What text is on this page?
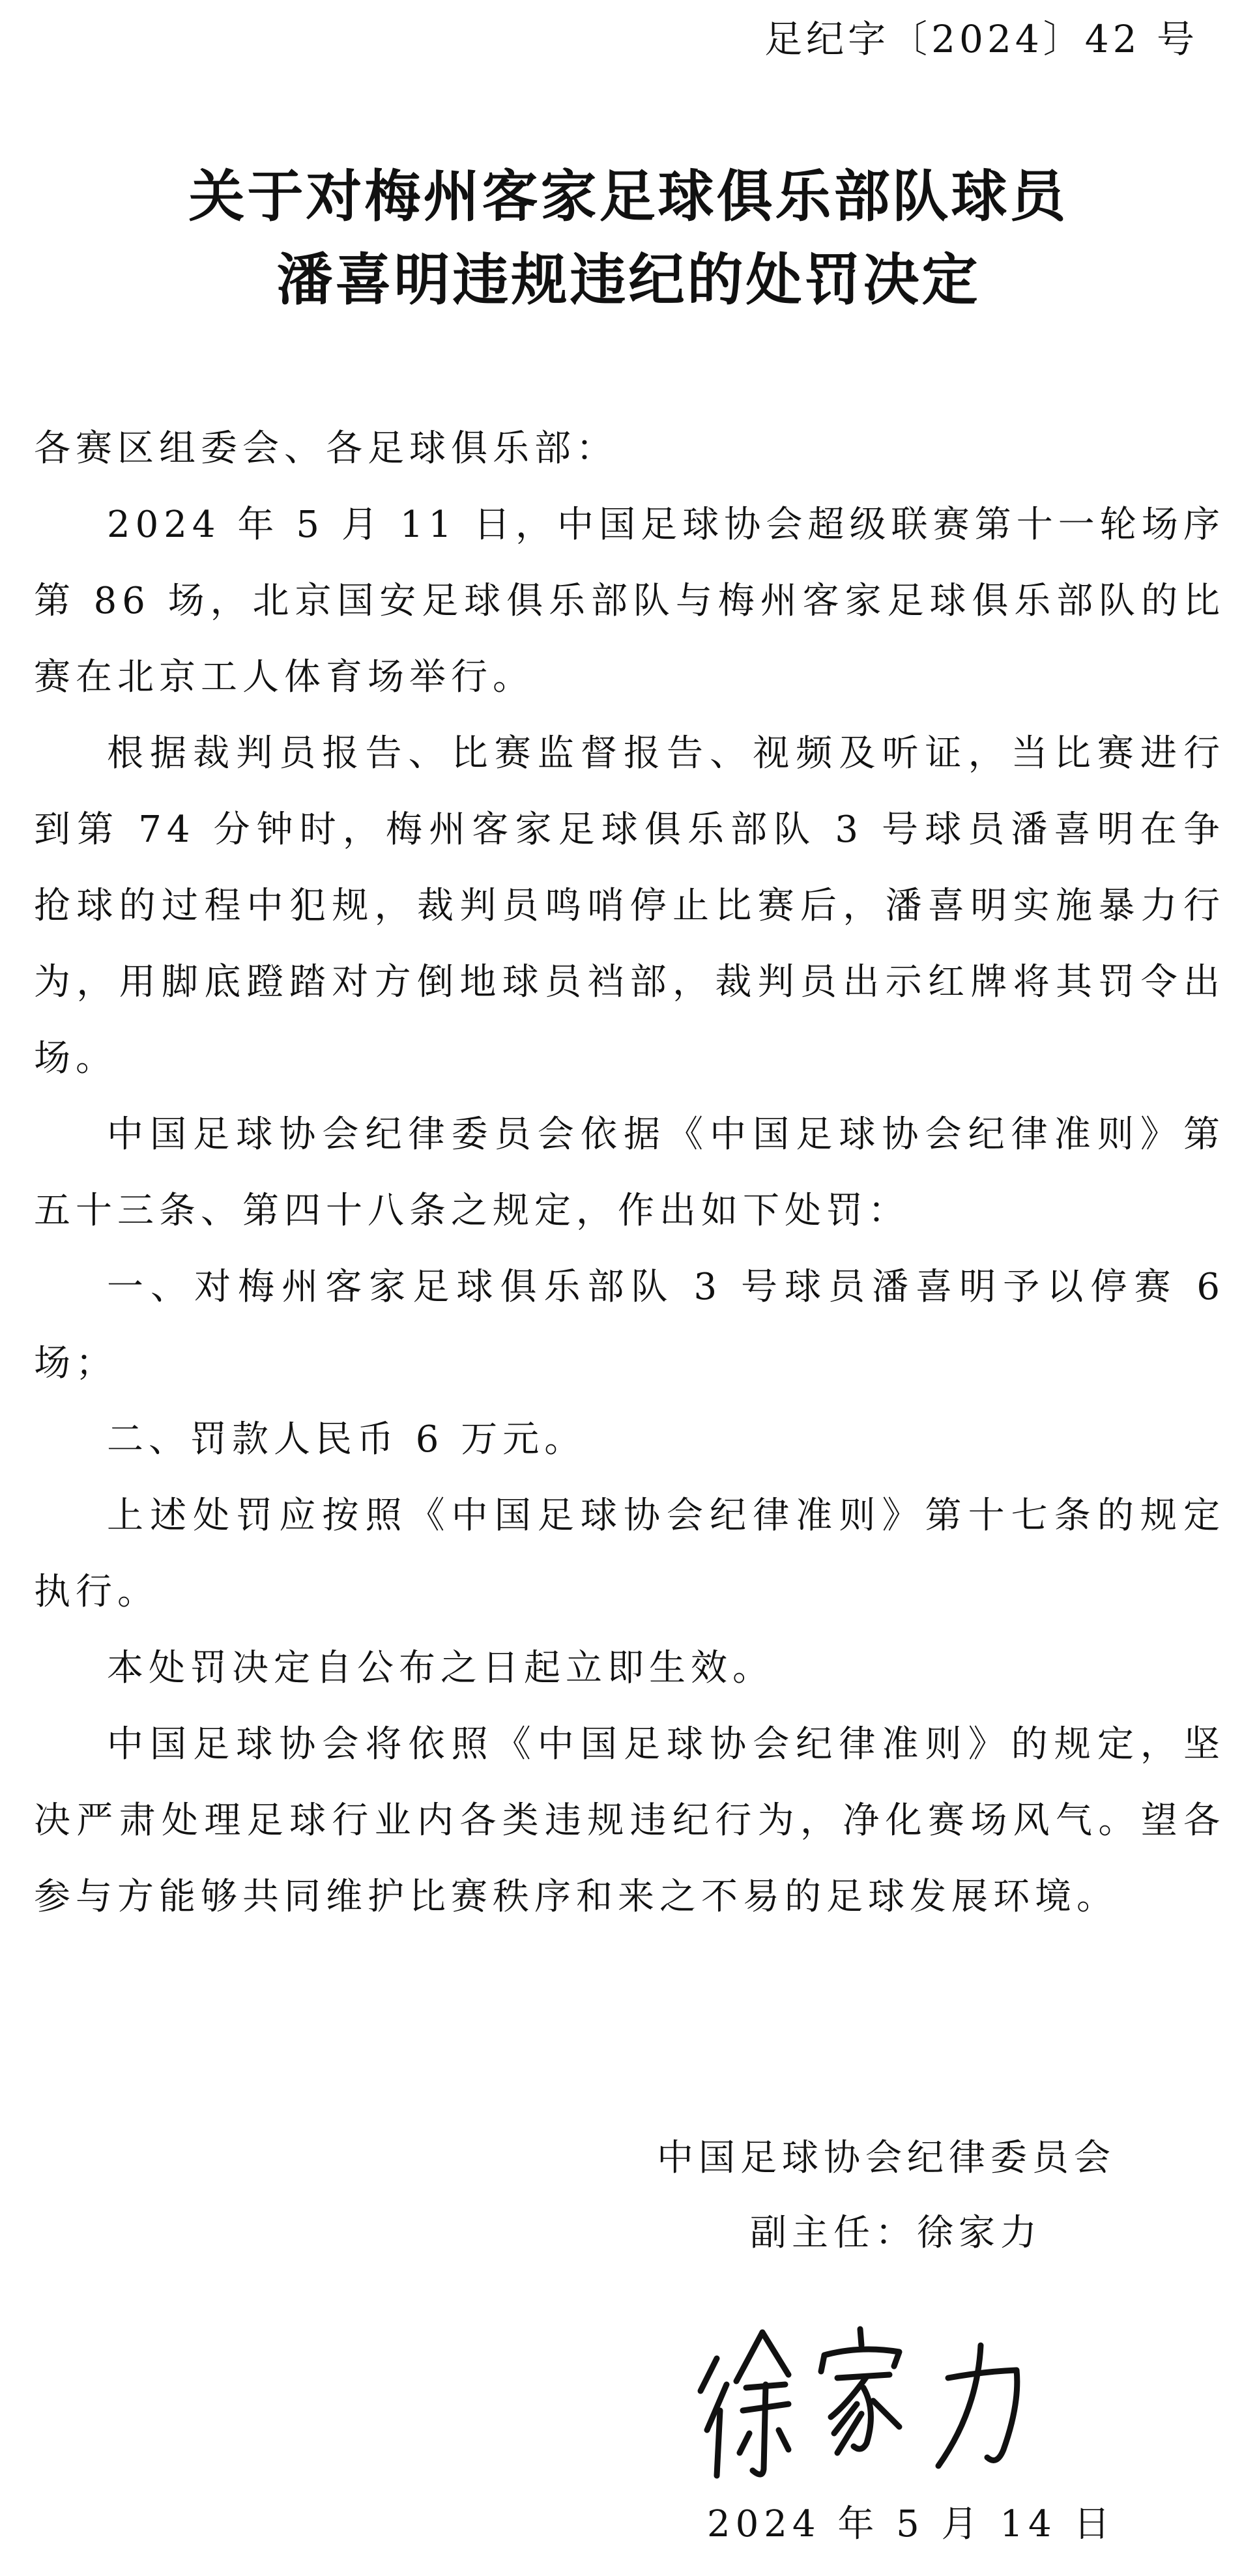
足纪字〔2024〕42 号
关于对梅州客家足球俱乐部队球员
潘喜明违规违纪的处罚决定

各赛区组委会、各足球俱乐部：

2024 年 5 月 11 日，中国足球协会超级联赛第十一轮场序第 86 场，北京国安足球俱乐部队与梅州客家足球俱乐部队的比赛在北京工人体育场举行。

根据裁判员报告、比赛监督报告、视频及听证，当比赛进行到第 74 分钟时，梅州客家足球俱乐部队 3 号球员潘喜明在争抢球的过程中犯规，裁判员鸣哨停止比赛后，潘喜明实施暴力行为，用脚底蹬踏对方倒地球员裆部，裁判员出示红牌将其罚令出场。

中国足球协会纪律委员会依据《中国足球协会纪律准则》第五十三条、第四十八条之规定，作出如下处罚：

一、对梅州客家足球俱乐部队 3 号球员潘喜明予以停赛 6 场；

二、罚款人民币 6 万元。

上述处罚应按照《中国足球协会纪律准则》第十七条的规定执行。

本处罚决定自公布之日起立即生效。

中国足球协会将依照《中国足球协会纪律准则》的规定，坚决严肃处理足球行业内各类违规违纪行为，净化赛场风气。望各参与方能够共同维护比赛秩序和来之不易的足球发展环境。

中国足球协会纪律委员会
副主任：徐家力
2024 年 5 月 14 日
